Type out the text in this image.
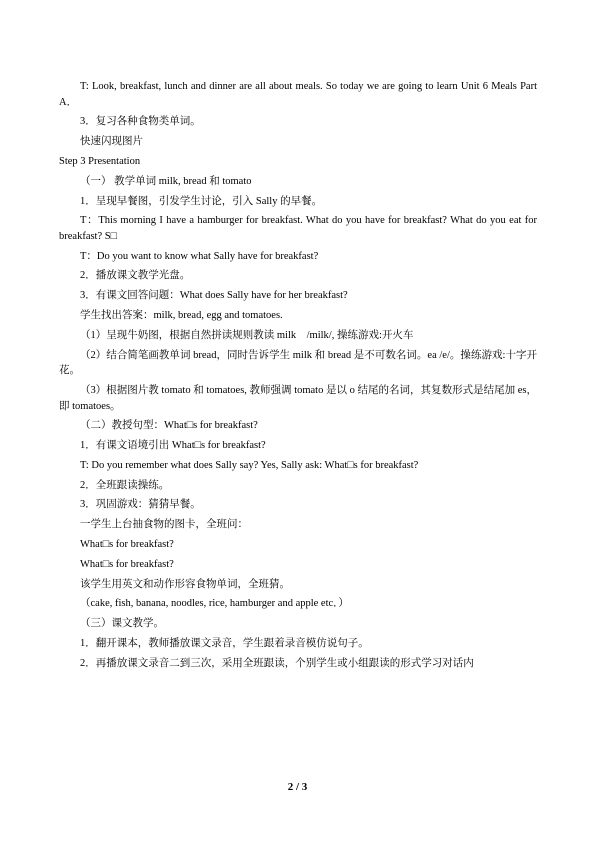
T: Look, breakfast, lunch and dinner are all about meals. So today we are going to learn Unit 6 Meals Part A．

3．复习各种食物类单词。

快速闪现图片

Step 3 Presentation

（一） 教学单词 milk, bread 和 tomato

1．呈现早餐图，引发学生讨论，引入 Sally 的早餐。

T：This morning I have a hamburger for breakfast. What do you have for breakfast? What do you eat for breakfast? S□

T：Do you want to know what Sally have for breakfast?

2．播放课文教学光盘。

3．有课文回答问题：What does Sally have for her breakfast?

学生找出答案：milk, bread, egg and tomatoes.

（1）呈现牛奶图，根据自然拼读规则教读 milk　/milk/, 操练游戏:开火车

（2）结合简笔画教单词 bread，同时告诉学生 milk 和 bread 是不可数名词。ea /e/。操练游戏:十字开花。

（3）根据图片教 tomato 和 tomatoes, 教师强调 tomato 是以 o 结尾的名词，其复数形式是结尾加 es，即 tomatoes。

（二）教授句型：What□s for breakfast?

1．有课文语境引出 What□s for breakfast?

T: Do you remember what does Sally say? Yes, Sally ask: What□s for breakfast?

2．全班跟读操练。

3．巩固游戏：猜猜早餐。

一学生上台抽食物的图卡，全班问：

What□s for breakfast?

What□s for breakfast?

该学生用英文和动作形容食物单词，全班猜。

（cake, fish, banana, noodles, rice, hamburger and apple etc．）

（三）课文教学。

1．翻开课本，教师播放课文录音，学生跟着录音模仿说句子。

2．再播放课文录音二到三次，采用全班跟读，个别学生或小组跟读的形式学习对话内

2 / 3
